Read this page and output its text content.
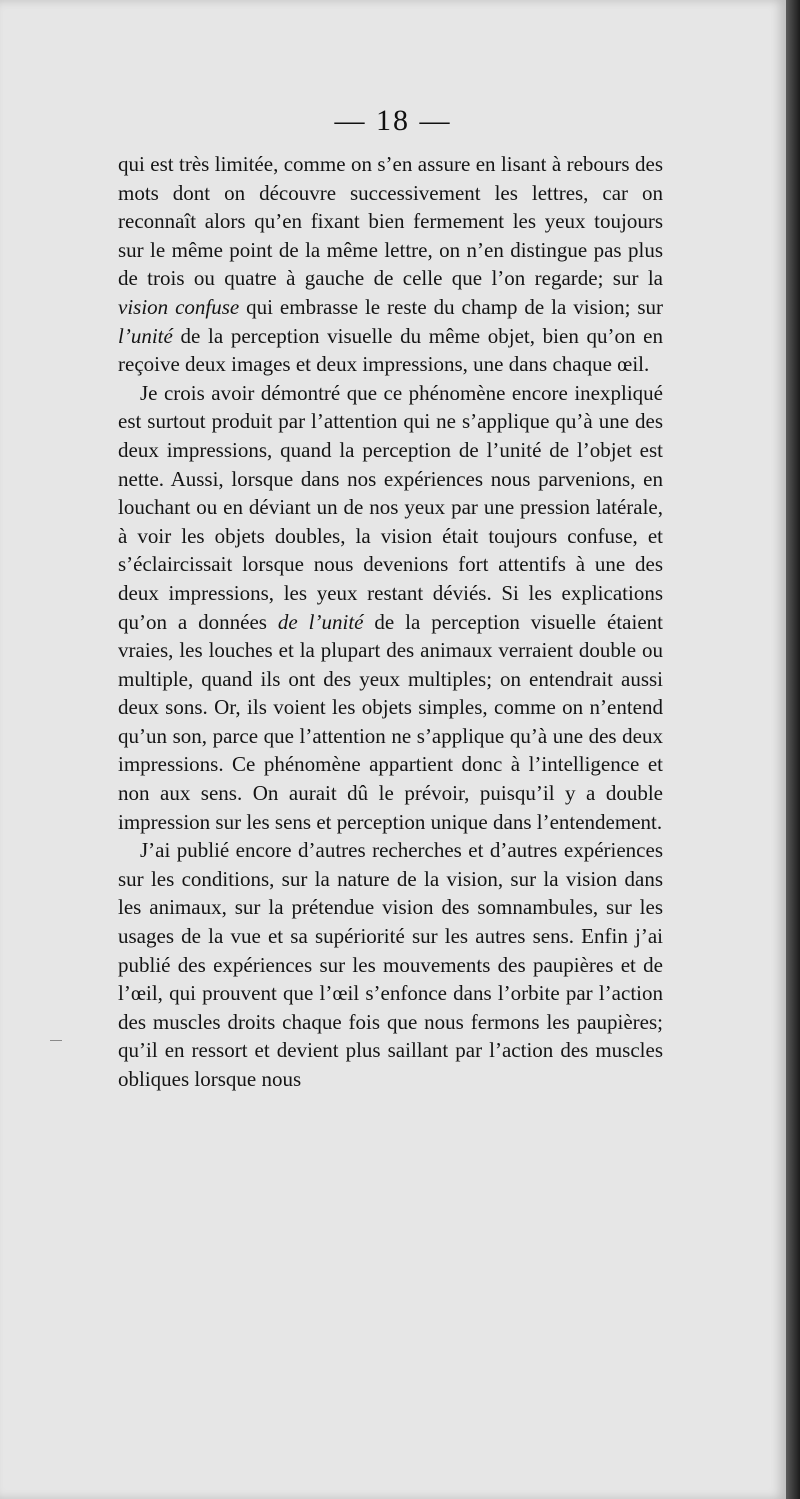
— 18 —

qui est très limitée, comme on s’en assure en lisant à rebours des mots dont on découvre successivement les lettres, car on reconnaît alors qu’en fixant bien fermement les yeux toujours sur le même point de la même lettre, on n’en distingue pas plus de trois ou quatre à gauche de celle que l’on regarde; sur la vision confuse qui embrasse le reste du champ de la vision; sur l’unité de la perception visuelle du même objet, bien qu’on en reçoive deux images et deux impressions, une dans chaque œil.

Je crois avoir démontré que ce phénomène encore inexpliqué est surtout produit par l’attention qui ne s’applique qu’à une des deux impressions, quand la perception de l’unité de l’objet est nette. Aussi, lorsque dans nos expériences nous parvenions, en louchant ou en déviant un de nos yeux par une pression latérale, à voir les objets doubles, la vision était toujours confuse, et s’éclaircissait lorsque nous devenions fort attentifs à une des deux impressions, les yeux restant déviés. Si les explications qu’on a données de l’unité de la perception visuelle étaient vraies, les louches et la plupart des animaux verraient double ou multiple, quand ils ont des yeux multiples; on entendrait aussi deux sons. Or, ils voient les objets simples, comme on n’entend qu’un son, parce que l’attention ne s’applique qu’à une des deux impressions. Ce phénomène appartient donc à l’intelligence et non aux sens. On aurait dû le prévoir, puisqu’il y a double impression sur les sens et perception unique dans l’entendement.

J’ai publié encore d’autres recherches et d’autres expériences sur les conditions, sur la nature de la vision, sur la vision dans les animaux, sur la prétendue vision des somnambules, sur les usages de la vue et sa supériorité sur les autres sens. Enfin j’ai publié des expériences sur les mouvements des paupières et de l’œil, qui prouvent que l’œil s’enfonce dans l’orbite par l’action des muscles droits chaque fois que nous fermons les paupières; qu’il en ressort et devient plus saillant par l’action des muscles obliques lorsque nous
